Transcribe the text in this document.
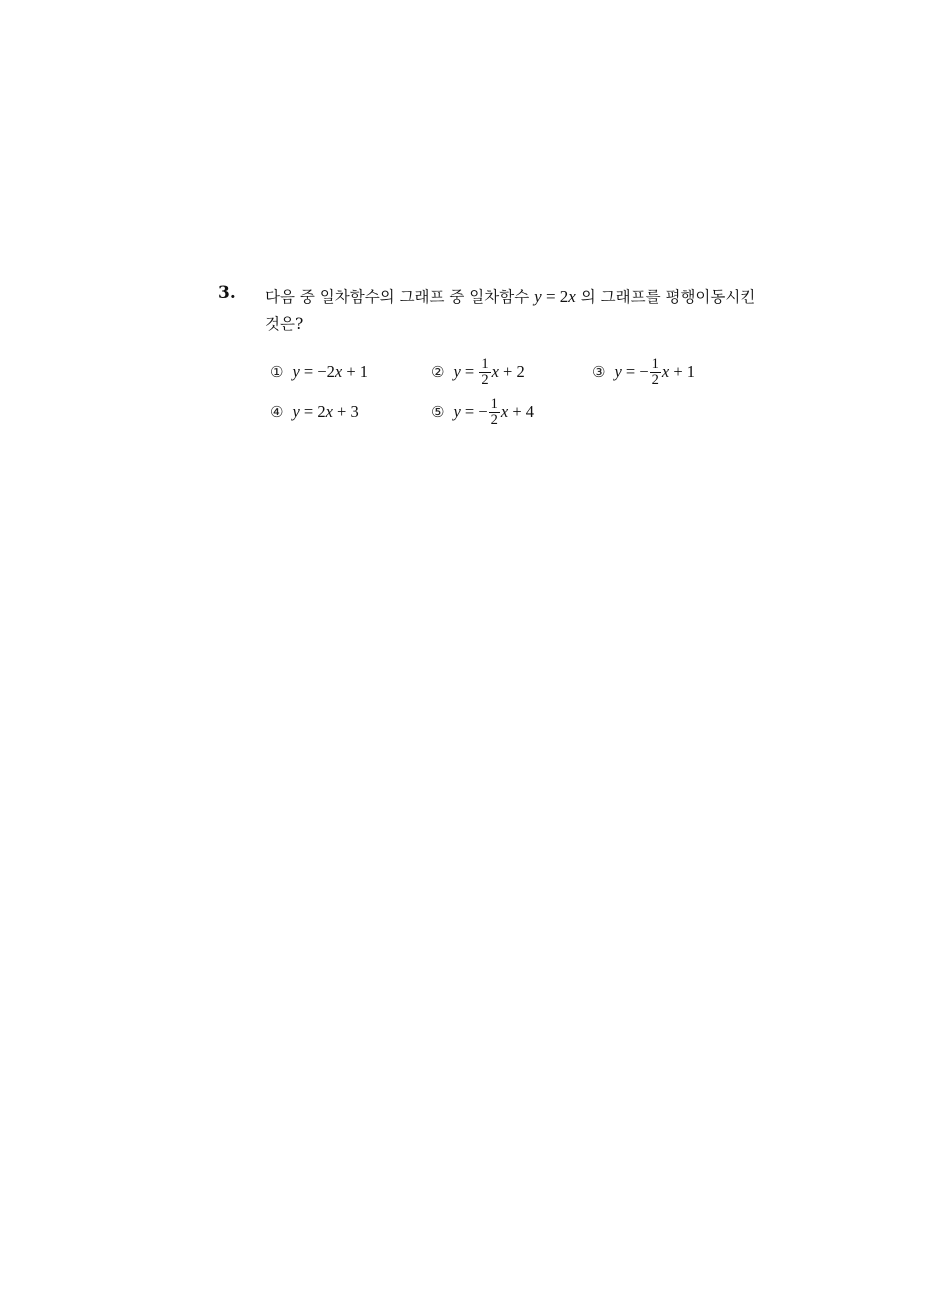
3. 다음 중 일차함수의 그래프 중 일차함수 y = 2x 의 그래프를 평행이동시킨
것은?
① y
=
−2 x
+ 1	② y
=
$\frac{1}{2}$ x
+ 2	③ y
=
− $\frac{1}{2}$ x
+ 1
④ y
=
2 x
+ 3	⑤ y
=
− $\frac{1}{2}$ x
+ 4
